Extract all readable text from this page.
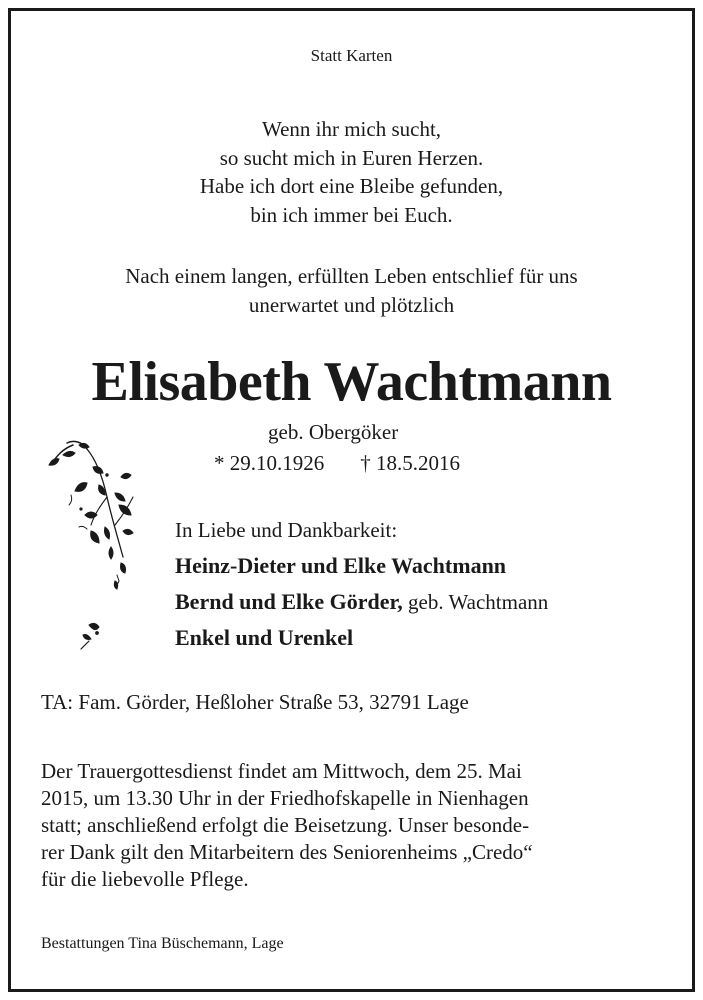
Statt Karten
Wenn ihr mich sucht,
so sucht mich in Euren Herzen.
Habe ich dort eine Bleibe gefunden,
bin ich immer bei Euch.
Nach einem langen, erfüllten Leben entschlief für uns
unerwartet und plötzlich
Elisabeth Wachtmann
geb. Obergöker
* 29.10.1926 † 18.5.2016
In Liebe und Dankbarkeit:
Heinz-Dieter und Elke Wachtmann
Bernd und Elke Görder, geb. Wachtmann
Enkel und Urenkel
TA: Fam. Görder, Heßloher Straße 53, 32791 Lage
Der Trauergottesdienst findet am Mittwoch, dem 25. Mai
2015, um 13.30 Uhr in der Friedhofskapelle in Nienhagen
statt; anschließend erfolgt die Beisetzung. Unser besonde-
rer Dank gilt den Mitarbeitern des Seniorenheims „Credo“
für die liebevolle Pflege.
Bestattungen Tina Büschemann, Lage
